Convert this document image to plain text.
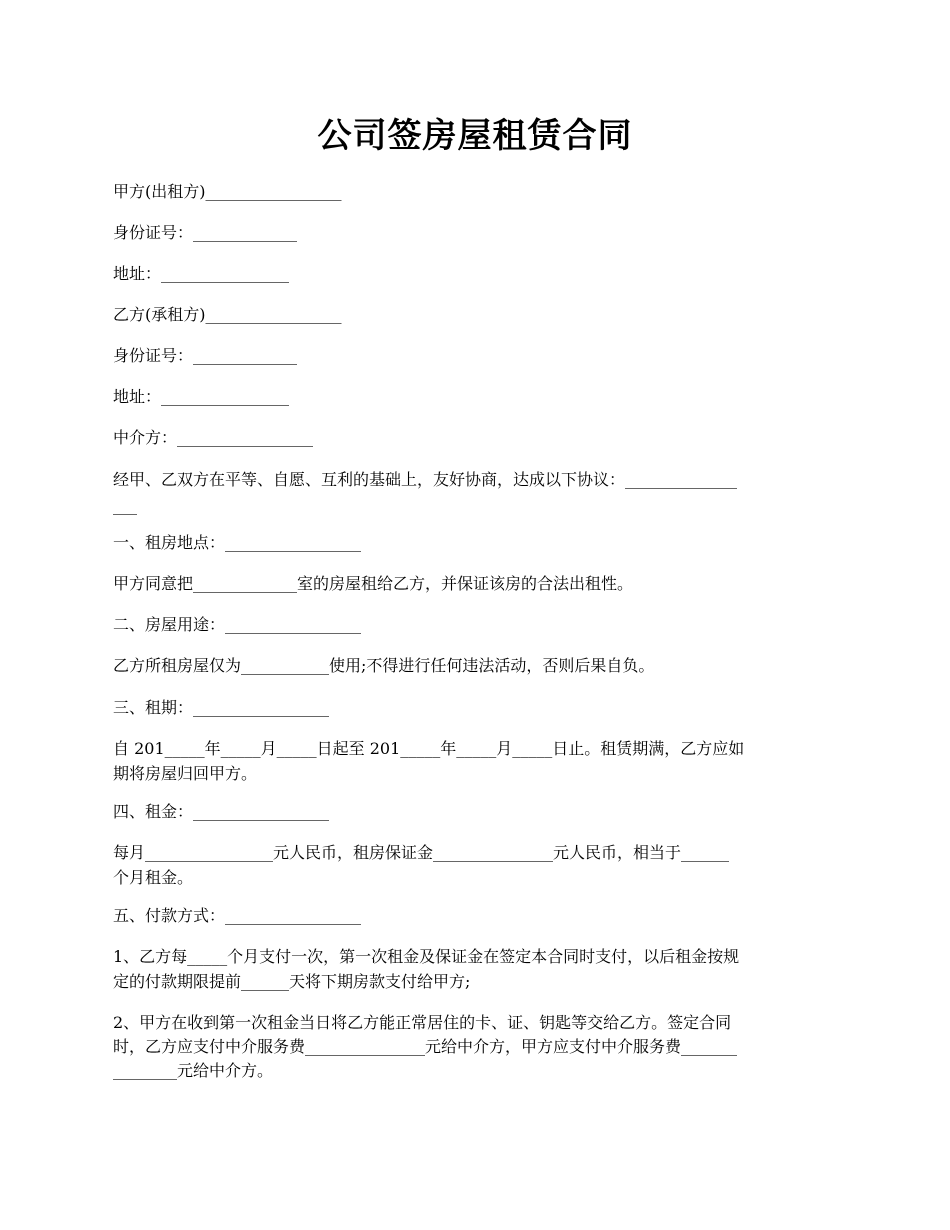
公司签房屋租赁合同
甲方(出租方)_________________
身份证号：_____________
地址：________________
乙方(承租方)_________________
身份证号：_____________
地址：________________
中介方：_________________
经甲、乙双方在平等、自愿、互利的基础上，友好协商，达成以下协议：______________
___
一、租房地点：_________________
甲方同意把_____________室的房屋租给乙方，并保证该房的合法出租性。
二、房屋用途：_________________
乙方所租房屋仅为___________使用;不得进行任何违法活动，否则后果自负。
三、租期：_________________
自 201_____年_____月_____日起至 201_____年_____月_____日止。租赁期满，乙方应如
期将房屋归回甲方。
四、租金：_________________
每月________________元人民币，租房保证金_______________元人民币，相当于______
个月租金。
五、付款方式：_________________
1、乙方每_____个月支付一次，第一次租金及保证金在签定本合同时支付，以后租金按规
定的付款期限提前______天将下期房款支付给甲方;
2、甲方在收到第一次租金当日将乙方能正常居住的卡、证、钥匙等交给乙方。签定合同
时，乙方应支付中介服务费_______________元给中介方，甲方应支付中介服务费_______
________元给中介方。
